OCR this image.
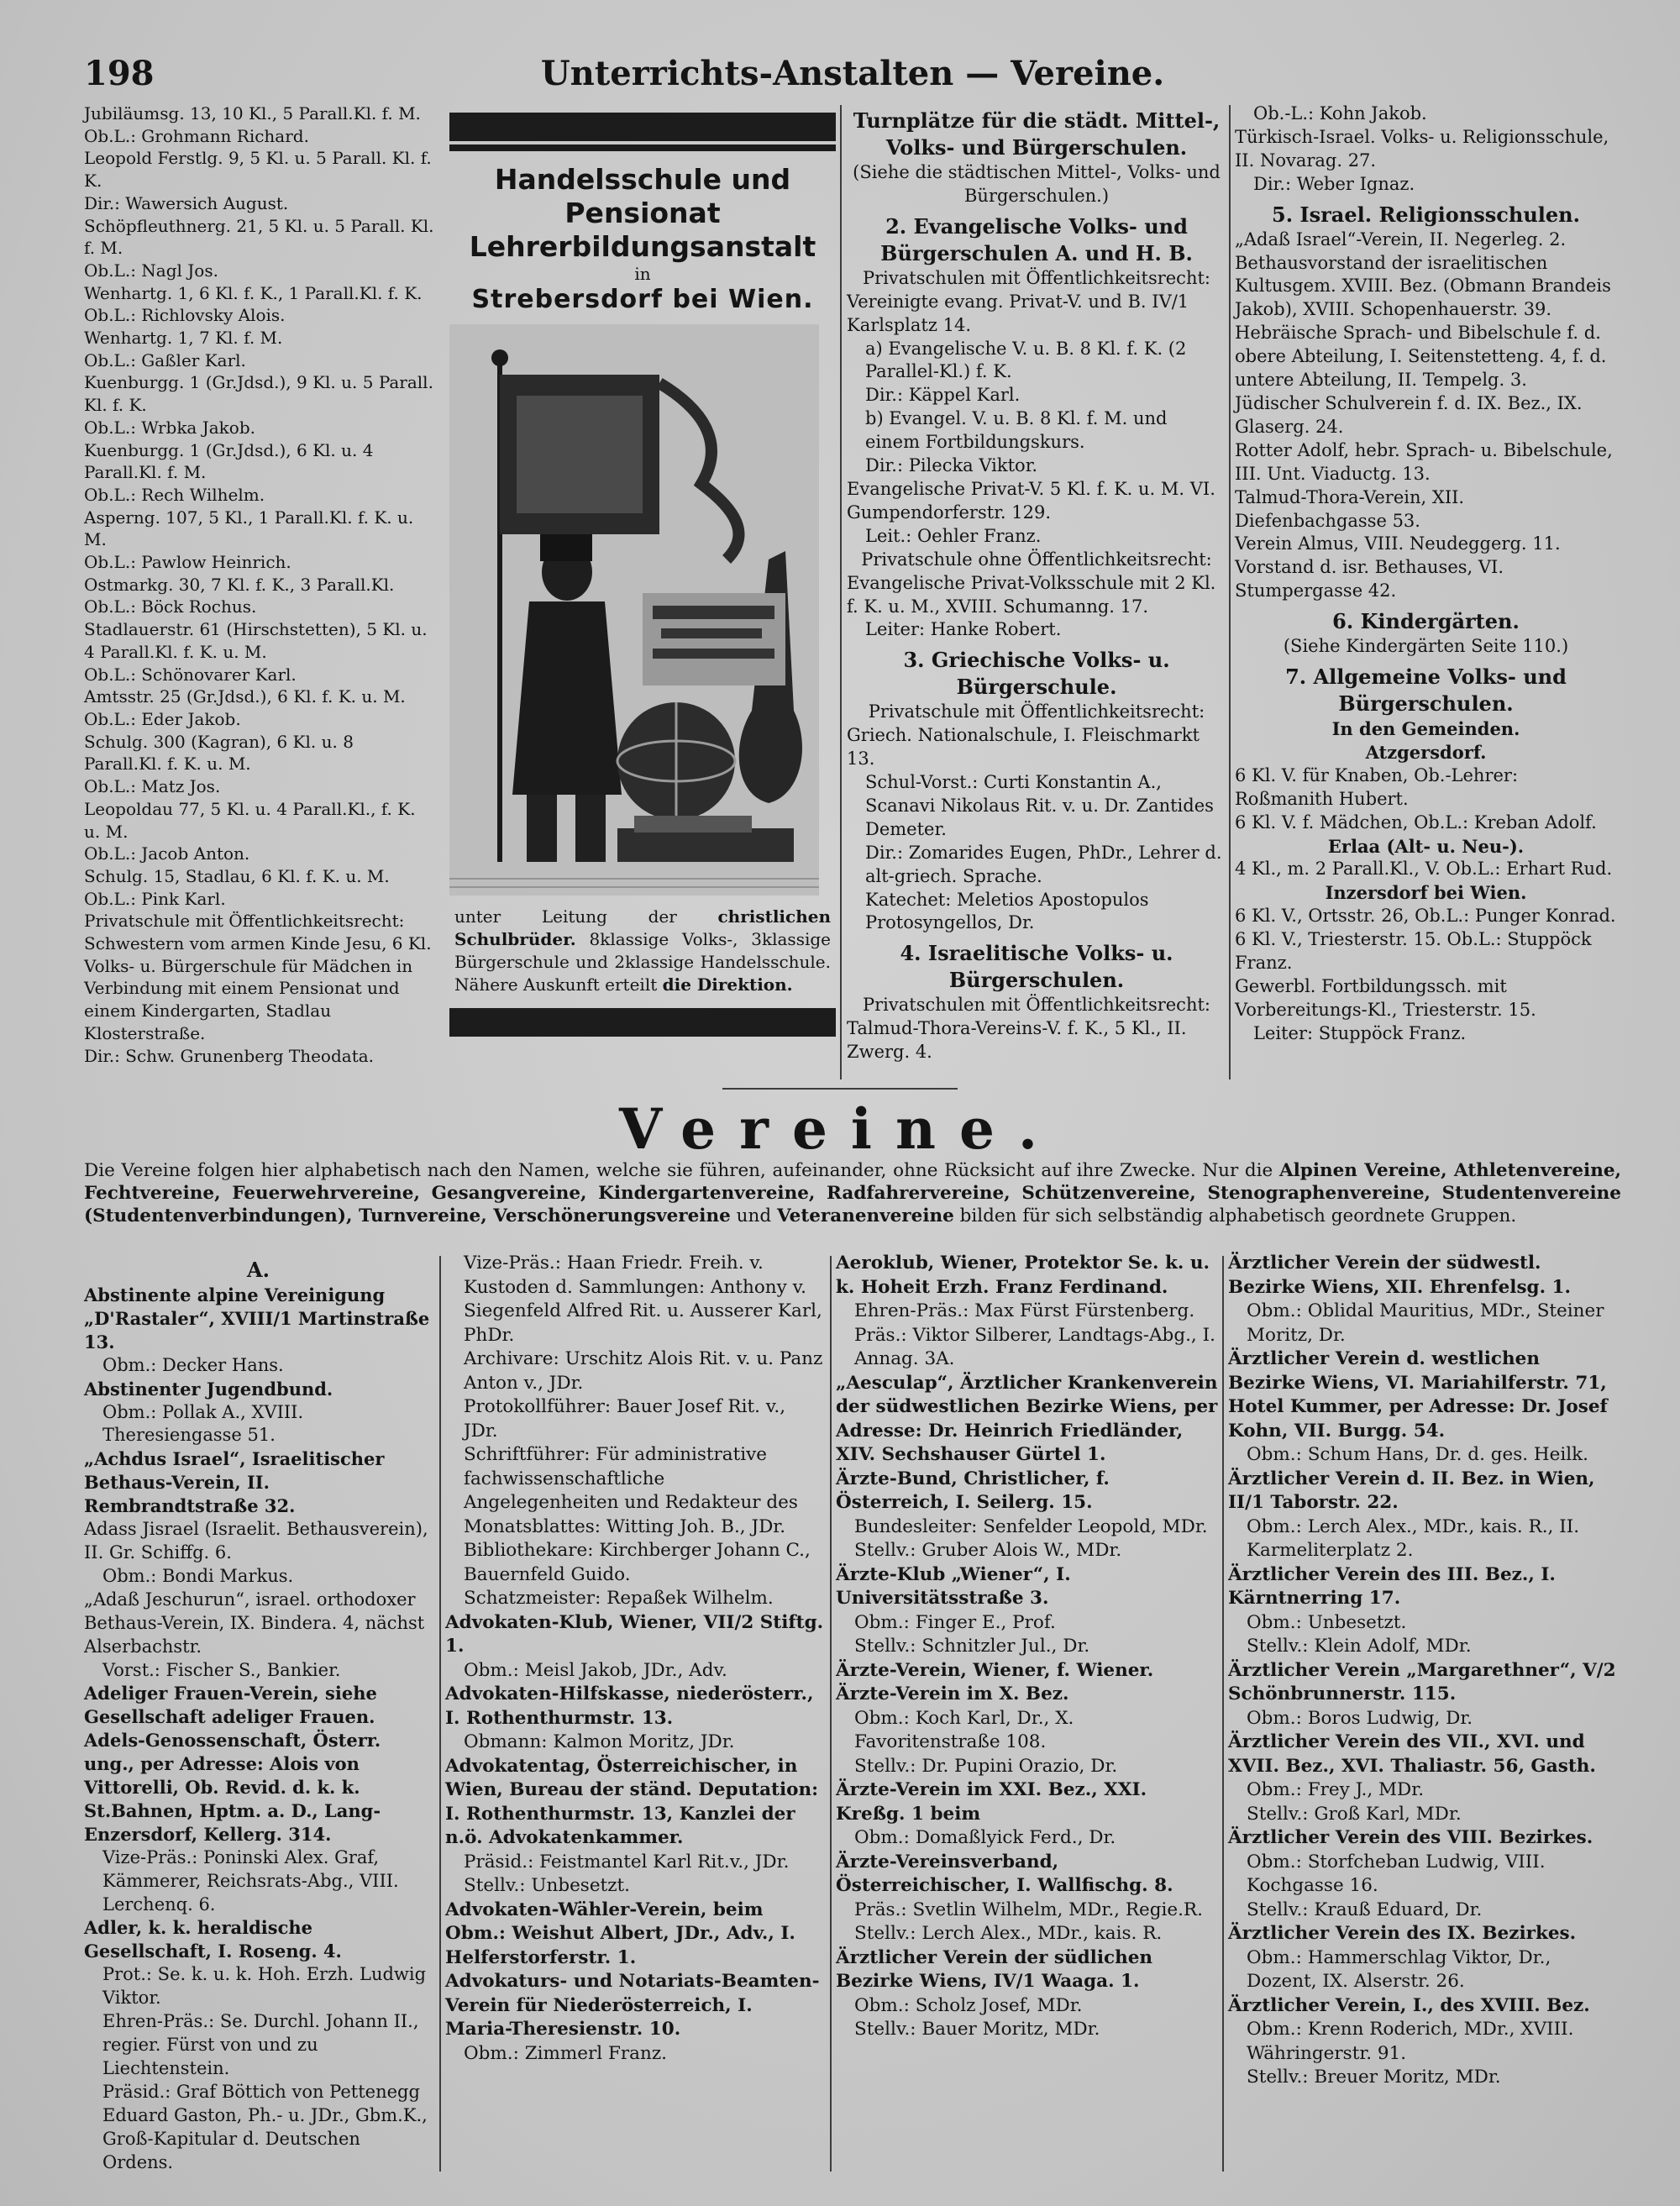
198	Unterrichts-Anstalten — Vereine.

Jubiläumsg. 13, 10 Kl., 5 Parall.Kl. f. M.

Ob.L.: Grohmann Richard.

Leopold Ferstlg. 9, 5 Kl. u. 5 Parall. Kl. f. K.

Dir.: Wawersich August.

Schöpfleuthnerg. 21, 5 Kl. u. 5 Parall. Kl. f. M.

Ob.L.: Nagl Jos.

Wenhartg. 1, 6 Kl. f. K., 1 Parall.Kl. f. K.

Ob.L.: Richlovsky Alois.

Wenhartg. 1, 7 Kl. f. M.

Ob.L.: Gaßler Karl.

Kuenburgg. 1 (Gr.Jdsd.), 9 Kl. u. 5 Parall. Kl. f. K.

Ob.L.: Wrbka Jakob.

Kuenburgg. 1 (Gr.Jdsd.), 6 Kl. u. 4 Parall.Kl. f. M.

Ob.L.: Rech Wilhelm.

Asperng. 107, 5 Kl., 1 Parall.Kl. f. K. u. M.

Ob.L.: Pawlow Heinrich.

Ostmarkg. 30, 7 Kl. f. K., 3 Parall.Kl.

Ob.L.: Böck Rochus.

Stadlauerstr. 61 (Hirschstetten), 5 Kl. u. 4 Parall.Kl. f. K. u. M.

Ob.L.: Schönovarer Karl.

Amtsstr. 25 (Gr.Jdsd.), 6 Kl. f. K. u. M.

Ob.L.: Eder Jakob.

Schulg. 300 (Kagran), 6 Kl. u. 8 Parall.Kl. f. K. u. M.

Ob.L.: Matz Jos.

Leopoldau 77, 5 Kl. u. 4 Parall.Kl., f. K. u. M.

Ob.L.: Jacob Anton.

Schulg. 15, Stadlau, 6 Kl. f. K. u. M.

Ob.L.: Pink Karl.

Privatschule mit Öffentlichkeitsrecht:

Schwestern vom armen Kinde Jesu, 6 Kl. Volks- u. Bürgerschule für Mädchen in Verbindung mit einem Pensionat und einem Kindergarten, Stadlau Klosterstraße.

Dir.: Schw. Grunenberg Theodata.

Handelsschule und Pensionat
Lehrerbildungsanstalt
in
Strebersdorf bei Wien.
unter Leitung der christlichen Schulbrüder. 8klassige Volks-, 3klassige Bürgerschule und 2klassige Handelsschule. Nähere Auskunft erteilt die Direktion.

Turnplätze für die städt. Mittel-, Volks- und Bürgerschulen.

(Siehe die städtischen Mittel-, Volks- und Bürgerschulen.)

2. Evangelische Volks- und Bürgerschulen A. und H. B.

Privatschulen mit Öffentlichkeitsrecht:

Vereinigte evang. Privat-V. und B. IV/1 Karlsplatz 14.

a) Evangelische V. u. B. 8 Kl. f. K. (2 Parallel-Kl.) f. K.

Dir.: Käppel Karl.

b) Evangel. V. u. B. 8 Kl. f. M. und einem Fortbildungskurs.

Dir.: Pilecka Viktor.

Evangelische Privat-V. 5 Kl. f. K. u. M. VI. Gumpendorferstr. 129.

Leit.: Oehler Franz.

Privatschule ohne Öffentlichkeitsrecht:

Evangelische Privat-Volksschule mit 2 Kl. f. K. u. M., XVIII. Schumanng. 17.

Leiter: Hanke Robert.

3. Griechische Volks- u. Bürgerschule.

Privatschule mit Öffentlichkeitsrecht:

Griech. Nationalschule, I. Fleischmarkt 13.

Schul-Vorst.: Curti Konstantin A., Scanavi Nikolaus Rit. v. u. Dr. Zantides Demeter.

Dir.: Zomarides Eugen, PhDr., Lehrer d. alt-griech. Sprache.

Katechet: Meletios Apostopulos Protosyngellos, Dr.

4. Israelitische Volks- u. Bürgerschulen.

Privatschulen mit Öffentlichkeitsrecht:

Talmud-Thora-Vereins-V. f. K., 5 Kl., II. Zwerg. 4.

Ob.-L.: Kohn Jakob.

Türkisch-Israel. Volks- u. Religionsschule, II. Novarag. 27.

Dir.: Weber Ignaz.

5. Israel. Religionsschulen.

„Adaß Israel“-Verein, II. Negerleg. 2.

Bethausvorstand der israelitischen Kultusgem. XVIII. Bez. (Obmann Brandeis Jakob), XVIII. Schopenhauerstr. 39.

Hebräische Sprach- und Bibelschule f. d. obere Abteilung, I. Seitenstetteng. 4, f. d. untere Abteilung, II. Tempelg. 3.

Jüdischer Schulverein f. d. IX. Bez., IX. Glaserg. 24.

Rotter Adolf, hebr. Sprach- u. Bibelschule, III. Unt. Viaductg. 13.

Talmud-Thora-Verein, XII. Diefenbachgasse 53.

Verein Almus, VIII. Neudeggerg. 11.

Vorstand d. isr. Bethauses, VI. Stumpergasse 42.

6. Kindergärten.

(Siehe Kindergärten Seite 110.)

7. Allgemeine Volks- und Bürgerschulen.

In den Gemeinden.

Atzgersdorf.

6 Kl. V. für Knaben, Ob.-Lehrer: Roßmanith Hubert.

6 Kl. V. f. Mädchen, Ob.L.: Kreban Adolf.

Erlaa (Alt- u. Neu-).

4 Kl., m. 2 Parall.Kl., V. Ob.L.: Erhart Rud.

Inzersdorf bei Wien.

6 Kl. V., Ortsstr. 26, Ob.L.: Punger Konrad.

6 Kl. V., Triesterstr. 15. Ob.L.: Stuppöck Franz.

Gewerbl. Fortbildungssch. mit Vorbereitungs-Kl., Triesterstr. 15.

Leiter: Stuppöck Franz.

Vereine.
Die Vereine folgen hier alphabetisch nach den Namen, welche sie führen, aufeinander, ohne Rücksicht auf ihre Zwecke. Nur die Alpinen Vereine, Athletenvereine, Fechtvereine, Feuerwehrvereine, Gesangvereine, Kindergartenvereine, Radfahrervereine, Schützenvereine, Stenographenvereine, Studentenvereine (Studentenverbindungen), Turnvereine, Verschönerungsvereine und Veteranenvereine bilden für sich selbständig alphabetisch geordnete Gruppen.

A.

Abstinente alpine Vereinigung „D'Rastaler“, XVIII/1 Martinstraße 13.

Obm.: Decker Hans.

Abstinenter Jugendbund.

Obm.: Pollak A., XVIII. Theresiengasse 51.

„Achdus Israel“, Israelitischer Bethaus-Verein, II. Rembrandtstraße 32.

Adass Jisrael (Israelit. Bethausverein), II. Gr. Schiffg. 6.

Obm.: Bondi Markus.

„Adaß Jeschurun“, israel. orthodoxer Bethaus-Verein, IX. Bindera. 4, nächst Alserbachstr.

Vorst.: Fischer S., Bankier.

Adeliger Frauen-Verein, siehe Gesellschaft adeliger Frauen.

Adels-Genossenschaft, Österr. ung., per Adresse: Alois von Vittorelli, Ob. Revid. d. k. k. St.Bahnen, Hptm. a. D., Lang-Enzersdorf, Kellerg. 314.

Vize-Präs.: Poninski Alex. Graf, Kämmerer, Reichsrats-Abg., VIII. Lerchenq. 6.

Adler, k. k. heraldische Gesellschaft, I. Roseng. 4.

Prot.: Se. k. u. k. Hoh. Erzh. Ludwig Viktor.

Ehren-Präs.: Se. Durchl. Johann II., regier. Fürst von und zu Liechtenstein.

Präsid.: Graf Böttich von Pettenegg Eduard Gaston, Ph.- u. JDr., Gbm.K., Groß-Kapitular d. Deutschen Ordens.

Vize-Präs.: Haan Friedr. Freih. v.

Kustoden d. Sammlungen: Anthony v. Siegenfeld Alfred Rit. u. Ausserer Karl, PhDr.

Archivare: Urschitz Alois Rit. v. u. Panz Anton v., JDr.

Protokollführer: Bauer Josef Rit. v., JDr.

Schriftführer: Für administrative fachwissenschaftliche Angelegenheiten und Redakteur des Monatsblattes: Witting Joh. B., JDr.

Bibliothekare: Kirchberger Johann C., Bauernfeld Guido.

Schatzmeister: Repaßek Wilhelm.

Advokaten-Klub, Wiener, VII/2 Stiftg. 1.

Obm.: Meisl Jakob, JDr., Adv.

Advokaten-Hilfskasse, niederösterr., I. Rothenthurmstr. 13.

Obmann: Kalmon Moritz, JDr.

Advokatentag, Österreichischer, in Wien, Bureau der ständ. Deputation: I. Rothenthurmstr. 13, Kanzlei der n.ö. Advokatenkammer.

Präsid.: Feistmantel Karl Rit.v., JDr.

Stellv.: Unbesetzt.

Advokaten-Wähler-Verein, beim Obm.: Weishut Albert, JDr., Adv., I. Helferstorferstr. 1.

Advokaturs- und Notariats-Beamten-Verein für Niederösterreich, I. Maria-Theresienstr. 10.

Obm.: Zimmerl Franz.

Aeroklub, Wiener, Protektor Se. k. u. k. Hoheit Erzh. Franz Ferdinand.

Ehren-Präs.: Max Fürst Fürstenberg.

Präs.: Viktor Silberer, Landtags-Abg., I. Annag. 3A.

„Aesculap“, Ärztlicher Krankenverein der südwestlichen Bezirke Wiens, per Adresse: Dr. Heinrich Friedländer, XIV. Sechshauser Gürtel 1.

Ärzte-Bund, Christlicher, f. Österreich, I. Seilerg. 15.

Bundesleiter: Senfelder Leopold, MDr.

Stellv.: Gruber Alois W., MDr.

Ärzte-Klub „Wiener“, I. Universitätsstraße 3.

Obm.: Finger E., Prof.

Stellv.: Schnitzler Jul., Dr.

Ärzte-Verein, Wiener, f. Wiener.

Ärzte-Verein im X. Bez.

Obm.: Koch Karl, Dr., X. Favoritenstraße 108.

Stellv.: Dr. Pupini Orazio, Dr.

Ärzte-Verein im XXI. Bez., XXI. Kreßg. 1 beim

Obm.: Domaßlyick Ferd., Dr.

Ärzte-Vereinsverband, Österreichischer, I. Wallfischg. 8.

Präs.: Svetlin Wilhelm, MDr., Regie.R.

Stellv.: Lerch Alex., MDr., kais. R.

Ärztlicher Verein der südlichen Bezirke Wiens, IV/1 Waaga. 1.

Obm.: Scholz Josef, MDr.

Stellv.: Bauer Moritz, MDr.

Ärztlicher Verein der südwestl. Bezirke Wiens, XII. Ehrenfelsg. 1.

Obm.: Oblidal Mauritius, MDr., Steiner Moritz, Dr.

Ärztlicher Verein d. westlichen Bezirke Wiens, VI. Mariahilferstr. 71, Hotel Kummer, per Adresse: Dr. Josef Kohn, VII. Burgg. 54.

Obm.: Schum Hans, Dr. d. ges. Heilk.

Ärztlicher Verein d. II. Bez. in Wien, II/1 Taborstr. 22.

Obm.: Lerch Alex., MDr., kais. R., II. Karmeliterplatz 2.

Ärztlicher Verein des III. Bez., I. Kärntnerring 17.

Obm.: Unbesetzt.

Stellv.: Klein Adolf, MDr.

Ärztlicher Verein „Margarethner“, V/2 Schönbrunnerstr. 115.

Obm.: Boros Ludwig, Dr.

Ärztlicher Verein des VII., XVI. und XVII. Bez., XVI. Thaliastr. 56, Gasth.

Obm.: Frey J., MDr.

Stellv.: Groß Karl, MDr.

Ärztlicher Verein des VIII. Bezirkes.

Obm.: Storfcheban Ludwig, VIII. Kochgasse 16.

Stellv.: Krauß Eduard, Dr.

Ärztlicher Verein des IX. Bezirkes.

Obm.: Hammerschlag Viktor, Dr., Dozent, IX. Alserstr. 26.

Ärztlicher Verein, I., des XVIII. Bez.

Obm.: Krenn Roderich, MDr., XVIII. Währingerstr. 91.

Stellv.: Breuer Moritz, MDr.
